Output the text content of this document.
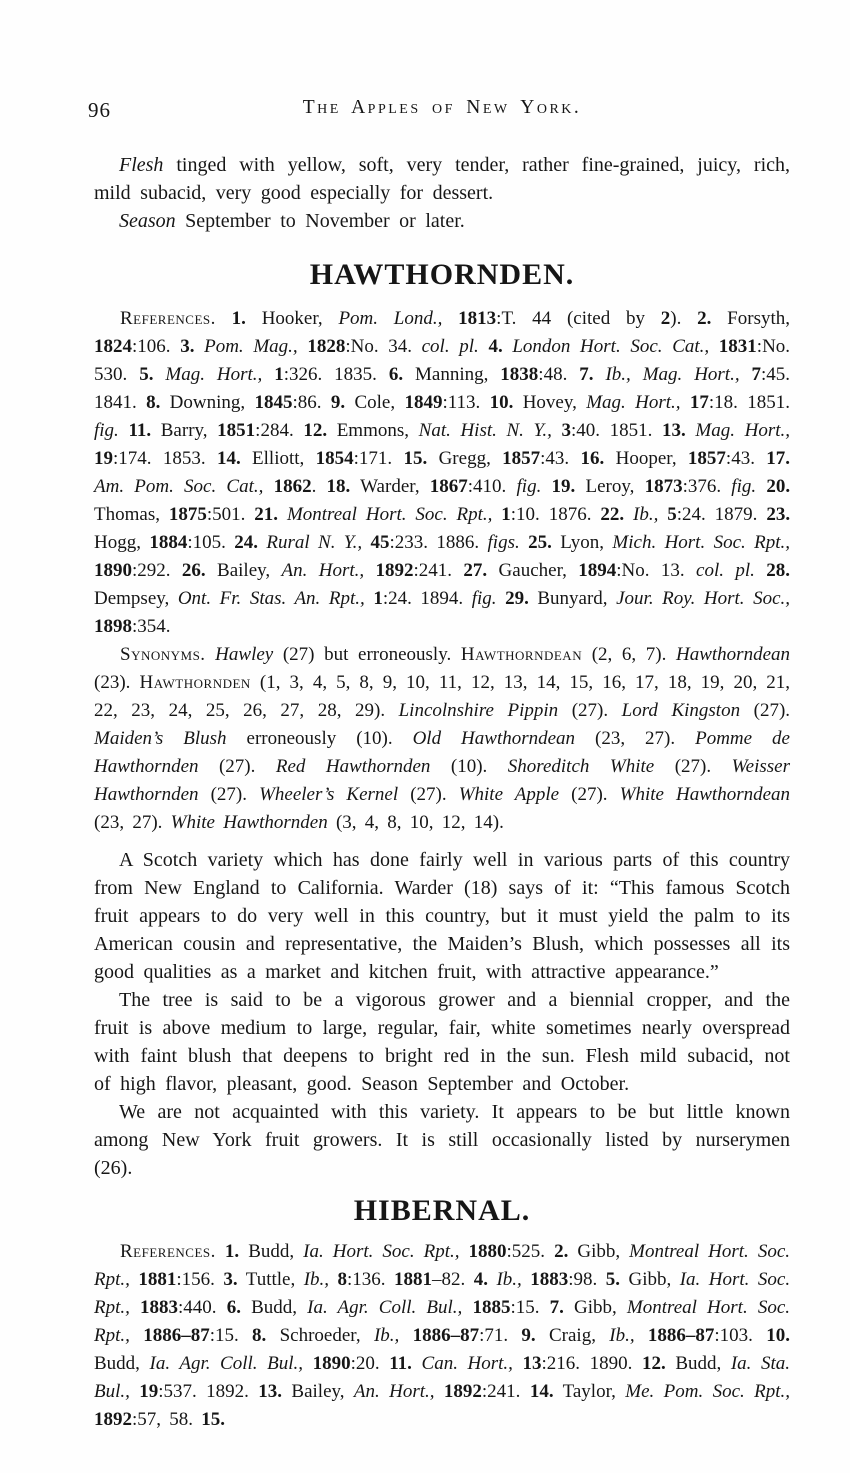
96	The Apples of New York.

Flesh tinged with yellow, soft, very tender, rather fine-grained, juicy, rich, mild subacid, very good especially for dessert.

Season September to November or later.

HAWTHORNDEN.

References. 1. Hooker, Pom. Lond., 1813:T. 44 (cited by 2). 2. Forsyth, 1824:106. 3. Pom. Mag., 1828:No. 34. col. pl. 4. London Hort. Soc. Cat., 1831:No. 530. 5. Mag. Hort., 1:326. 1835. 6. Manning, 1838:48. 7. Ib., Mag. Hort., 7:45. 1841. 8. Downing, 1845:86. 9. Cole, 1849:113. 10. Hovey, Mag. Hort., 17:18. 1851. fig. 11. Barry, 1851:284. 12. Emmons, Nat. Hist. N. Y., 3:40. 1851. 13. Mag. Hort., 19:174. 1853. 14. Elliott, 1854:171. 15. Gregg, 1857:43. 16. Hooper, 1857:43. 17. Am. Pom. Soc. Cat., 1862. 18. Warder, 1867:410. fig. 19. Leroy, 1873:376. fig. 20. Thomas, 1875:501. 21. Montreal Hort. Soc. Rpt., 1:10. 1876. 22. Ib., 5:24. 1879. 23. Hogg, 1884:105. 24. Rural N. Y., 45:233. 1886. figs. 25. Lyon, Mich. Hort. Soc. Rpt., 1890:292. 26. Bailey, An. Hort., 1892:241. 27. Gaucher, 1894:No. 13. col. pl. 28. Dempsey, Ont. Fr. Stas. An. Rpt., 1:24. 1894. fig. 29. Bunyard, Jour. Roy. Hort. Soc., 1898:354.

Synonyms. Hawley (27) but erroneously. Hawthorndean (2, 6, 7). Hawthorndean (23). Hawthornden (1, 3, 4, 5, 8, 9, 10, 11, 12, 13, 14, 15, 16, 17, 18, 19, 20, 21, 22, 23, 24, 25, 26, 27, 28, 29). Lincolnshire Pippin (27). Lord Kingston (27). Maiden’s Blush erroneously (10). Old Hawthorndean (23, 27). Pomme de Hawthornden (27). Red Hawthornden (10). Shoreditch White (27). Weisser Hawthornden (27). Wheeler’s Kernel (27). White Apple (27). White Hawthorndean (23, 27). White Hawthornden (3, 4, 8, 10, 12, 14).

A Scotch variety which has done fairly well in various parts of this country from New England to California. Warder (18) says of it: “This famous Scotch fruit appears to do very well in this country, but it must yield the palm to its American cousin and representative, the Maiden’s Blush, which possesses all its good qualities as a market and kitchen fruit, with attractive appearance.”

The tree is said to be a vigorous grower and a biennial cropper, and the fruit is above medium to large, regular, fair, white sometimes nearly overspread with faint blush that deepens to bright red in the sun. Flesh mild subacid, not of high flavor, pleasant, good. Season September and October.

We are not acquainted with this variety. It appears to be but little known among New York fruit growers. It is still occasionally listed by nurserymen (26).

HIBERNAL.

References. 1. Budd, Ia. Hort. Soc. Rpt., 1880:525. 2. Gibb, Montreal Hort. Soc. Rpt., 1881:156. 3. Tuttle, Ib., 8:136. 1881–82. 4. Ib., 1883:98. 5. Gibb, Ia. Hort. Soc. Rpt., 1883:440. 6. Budd, Ia. Agr. Coll. Bul., 1885:15. 7. Gibb, Montreal Hort. Soc. Rpt., 1886–87:15. 8. Schroeder, Ib., 1886–87:71. 9. Craig, Ib., 1886–87:103. 10. Budd, Ia. Agr. Coll. Bul., 1890:20. 11. Can. Hort., 13:216. 1890. 12. Budd, Ia. Sta. Bul., 19:537. 1892. 13. Bailey, An. Hort., 1892:241. 14. Taylor, Me. Pom. Soc. Rpt., 1892:57, 58. 15.
